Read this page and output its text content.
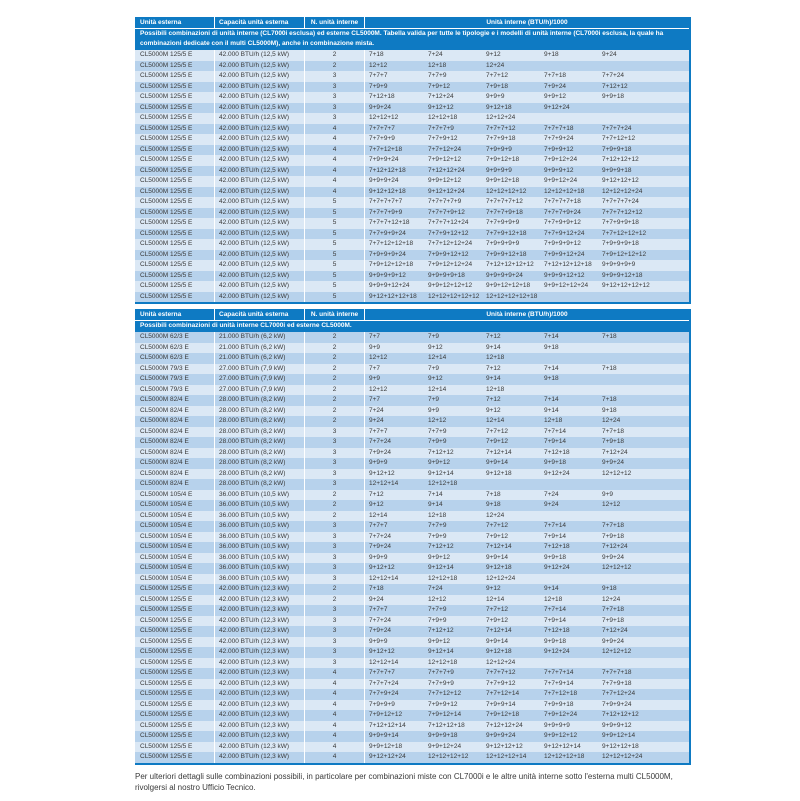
Unità esterna	Capacità unità esterna	N. unità interne	Unità interne (BTU/h)/1000
Possibili combinazioni di unità interne (CL7000i esclusa) ed esterne CL5000M. Tabella valida per tutte le tipologie e i modelli di unità interne (CL7000i esclusa, la quale ha combinazioni dedicate con il multi CL5000M), anche in combinazione mista.
CL5000M 125/5 E	42.000 BTU/h (12,5 kW)	2	7+18	7+24	9+12	9+18	9+24
CL5000M 125/5 E	42.000 BTU/h (12,5 kW)	2	12+12	12+18	12+24
CL5000M 125/5 E	42.000 BTU/h (12,5 kW)	3	7+7+7	7+7+9	7+7+12	7+7+18	7+7+24
CL5000M 125/5 E	42.000 BTU/h (12,5 kW)	3	7+9+9	7+9+12	7+9+18	7+9+24	7+12+12
CL5000M 125/5 E	42.000 BTU/h (12,5 kW)	3	7+12+18	7+12+24	9+9+9	9+9+12	9+9+18
CL5000M 125/5 E	42.000 BTU/h (12,5 kW)	3	9+9+24	9+12+12	9+12+18	9+12+24
CL5000M 125/5 E	42.000 BTU/h (12,5 kW)	3	12+12+12	12+12+18	12+12+24
CL5000M 125/5 E	42.000 BTU/h (12,5 kW)	4	7+7+7+7	7+7+7+9	7+7+7+12	7+7+7+18	7+7+7+24
CL5000M 125/5 E	42.000 BTU/h (12,5 kW)	4	7+7+9+9	7+7+9+12	7+7+9+18	7+7+9+24	7+7+12+12
CL5000M 125/5 E	42.000 BTU/h (12,5 kW)	4	7+7+12+18	7+7+12+24	7+9+9+9	7+9+9+12	7+9+9+18
CL5000M 125/5 E	42.000 BTU/h (12,5 kW)	4	7+9+9+24	7+9+12+12	7+9+12+18	7+9+12+24	7+12+12+12
CL5000M 125/5 E	42.000 BTU/h (12,5 kW)	4	7+12+12+18	7+12+12+24	9+9+9+9	9+9+9+12	9+9+9+18
CL5000M 125/5 E	42.000 BTU/h (12,5 kW)	4	9+9+9+24	9+9+12+12	9+9+12+18	9+9+12+24	9+12+12+12
CL5000M 125/5 E	42.000 BTU/h (12,5 kW)	4	9+12+12+18	9+12+12+24	12+12+12+12	12+12+12+18	12+12+12+24
CL5000M 125/5 E	42.000 BTU/h (12,5 kW)	5	7+7+7+7+7	7+7+7+7+9	7+7+7+7+12	7+7+7+7+18	7+7+7+7+24
CL5000M 125/5 E	42.000 BTU/h (12,5 kW)	5	7+7+7+9+9	7+7+7+9+12	7+7+7+9+18	7+7+7+9+24	7+7+7+12+12
CL5000M 125/5 E	42.000 BTU/h (12,5 kW)	5	7+7+7+12+18	7+7+7+12+24	7+7+9+9+9	7+7+9+9+12	7+7+9+9+18
CL5000M 125/5 E	42.000 BTU/h (12,5 kW)	5	7+7+9+9+24	7+7+9+12+12	7+7+9+12+18	7+7+9+12+24	7+7+12+12+12
CL5000M 125/5 E	42.000 BTU/h (12,5 kW)	5	7+7+12+12+18	7+7+12+12+24	7+9+9+9+9	7+9+9+9+12	7+9+9+9+18
CL5000M 125/5 E	42.000 BTU/h (12,5 kW)	5	7+9+9+9+24	7+9+9+12+12	7+9+9+12+18	7+9+9+12+24	7+9+12+12+12
CL5000M 125/5 E	42.000 BTU/h (12,5 kW)	5	7+9+12+12+18	7+9+12+12+24	7+12+12+12+12	7+12+12+12+18	9+9+9+9+9
CL5000M 125/5 E	42.000 BTU/h (12,5 kW)	5	9+9+9+9+12	9+9+9+9+18	9+9+9+9+24	9+9+9+12+12	9+9+9+12+18
CL5000M 125/5 E	42.000 BTU/h (12,5 kW)	5	9+9+9+12+24	9+9+12+12+12	9+9+12+12+18	9+9+12+12+24	9+12+12+12+12
CL5000M 125/5 E	42.000 BTU/h (12,5 kW)	5	9+12+12+12+18	12+12+12+12+12	12+12+12+12+18
Unità esterna	Capacità unità esterna	N. unità interne	Unità interne (BTU/h)/1000
Possibili combinazioni di unità interne CL7000i ed esterne CL5000M.
CL5000M 62/3 E	21.000 BTU/h (6,2 kW)	2	7+7	7+9	7+12	7+14	7+18
CL5000M 62/3 E	21.000 BTU/h (6,2 kW)	2	9+9	9+12	9+14	9+18
CL5000M 62/3 E	21.000 BTU/h (6,2 kW)	2	12+12	12+14	12+18
CL5000M 79/3 E	27.000 BTU/h (7,9 kW)	2	7+7	7+9	7+12	7+14	7+18
CL5000M 79/3 E	27.000 BTU/h (7,9 kW)	2	9+9	9+12	9+14	9+18
CL5000M 79/3 E	27.000 BTU/h (7,9 kW)	2	12+12	12+14	12+18
CL5000M 82/4 E	28.000 BTU/h (8,2 kW)	2	7+7	7+9	7+12	7+14	7+18
CL5000M 82/4 E	28.000 BTU/h (8,2 kW)	2	7+24	9+9	9+12	9+14	9+18
CL5000M 82/4 E	28.000 BTU/h (8,2 kW)	2	9+24	12+12	12+14	12+18	12+24
CL5000M 82/4 E	28.000 BTU/h (8,2 kW)	3	7+7+7	7+7+9	7+7+12	7+7+14	7+7+18
CL5000M 82/4 E	28.000 BTU/h (8,2 kW)	3	7+7+24	7+9+9	7+9+12	7+9+14	7+9+18
CL5000M 82/4 E	28.000 BTU/h (8,2 kW)	3	7+9+24	7+12+12	7+12+14	7+12+18	7+12+24
CL5000M 82/4 E	28.000 BTU/h (8,2 kW)	3	9+9+9	9+9+12	9+9+14	9+9+18	9+9+24
CL5000M 82/4 E	28.000 BTU/h (8,2 kW)	3	9+12+12	9+12+14	9+12+18	9+12+24	12+12+12
CL5000M 82/4 E	28.000 BTU/h (8,2 kW)	3	12+12+14	12+12+18
CL5000M 105/4 E	36.000 BTU/h (10,5 kW)	2	7+12	7+14	7+18	7+24	9+9
CL5000M 105/4 E	36.000 BTU/h (10,5 kW)	2	9+12	9+14	9+18	9+24	12+12
CL5000M 105/4 E	36.000 BTU/h (10,5 kW)	2	12+14	12+18	12+24
CL5000M 105/4 E	36.000 BTU/h (10,5 kW)	3	7+7+7	7+7+9	7+7+12	7+7+14	7+7+18
CL5000M 105/4 E	36.000 BTU/h (10,5 kW)	3	7+7+24	7+9+9	7+9+12	7+9+14	7+9+18
CL5000M 105/4 E	36.000 BTU/h (10,5 kW)	3	7+9+24	7+12+12	7+12+14	7+12+18	7+12+24
CL5000M 105/4 E	36.000 BTU/h (10,5 kW)	3	9+9+9	9+9+12	9+9+14	9+9+18	9+9+24
CL5000M 105/4 E	36.000 BTU/h (10,5 kW)	3	9+12+12	9+12+14	9+12+18	9+12+24	12+12+12
CL5000M 105/4 E	36.000 BTU/h (10,5 kW)	3	12+12+14	12+12+18	12+12+24
CL5000M 125/5 E	42.000 BTU/h (12,3 kW)	2	7+18	7+24	9+12	9+14	9+18
CL5000M 125/5 E	42.000 BTU/h (12,3 kW)	2	9+24	12+12	12+14	12+18	12+24
CL5000M 125/5 E	42.000 BTU/h (12,3 kW)	3	7+7+7	7+7+9	7+7+12	7+7+14	7+7+18
CL5000M 125/5 E	42.000 BTU/h (12,3 kW)	3	7+7+24	7+9+9	7+9+12	7+9+14	7+9+18
CL5000M 125/5 E	42.000 BTU/h (12,3 kW)	3	7+9+24	7+12+12	7+12+14	7+12+18	7+12+24
CL5000M 125/5 E	42.000 BTU/h (12,3 kW)	3	9+9+9	9+9+12	9+9+14	9+9+18	9+9+24
CL5000M 125/5 E	42.000 BTU/h (12,3 kW)	3	9+12+12	9+12+14	9+12+18	9+12+24	12+12+12
CL5000M 125/5 E	42.000 BTU/h (12,3 kW)	3	12+12+14	12+12+18	12+12+24
CL5000M 125/5 E	42.000 BTU/h (12,3 kW)	4	7+7+7+7	7+7+7+9	7+7+7+12	7+7+7+14	7+7+7+18
CL5000M 125/5 E	42.000 BTU/h (12,3 kW)	4	7+7+7+24	7+7+9+9	7+7+9+12	7+7+9+14	7+7+9+18
CL5000M 125/5 E	42.000 BTU/h (12,3 kW)	4	7+7+9+24	7+7+12+12	7+7+12+14	7+7+12+18	7+7+12+24
CL5000M 125/5 E	42.000 BTU/h (12,3 kW)	4	7+9+9+9	7+9+9+12	7+9+9+14	7+9+9+18	7+9+9+24
CL5000M 125/5 E	42.000 BTU/h (12,3 kW)	4	7+9+12+12	7+9+12+14	7+9+12+18	7+9+12+24	7+12+12+12
CL5000M 125/5 E	42.000 BTU/h (12,3 kW)	4	7+12+12+14	7+12+12+18	7+12+12+24	9+9+9+9	9+9+9+12
CL5000M 125/5 E	42.000 BTU/h (12,3 kW)	4	9+9+9+14	9+9+9+18	9+9+9+24	9+9+12+12	9+9+12+14
CL5000M 125/5 E	42.000 BTU/h (12,3 kW)	4	9+9+12+18	9+9+12+24	9+12+12+12	9+12+12+14	9+12+12+18
CL5000M 125/5 E	42.000 BTU/h (12,3 kW)	4	9+12+12+24	12+12+12+12	12+12+12+14	12+12+12+18	12+12+12+24

Per ulteriori dettagli sulle combinazioni possibili, in particolare per combinazioni miste con CL7000i e le altre unità interne sotto l'esterna multi CL5000M, rivolgersi al nostro Ufficio Tecnico.
